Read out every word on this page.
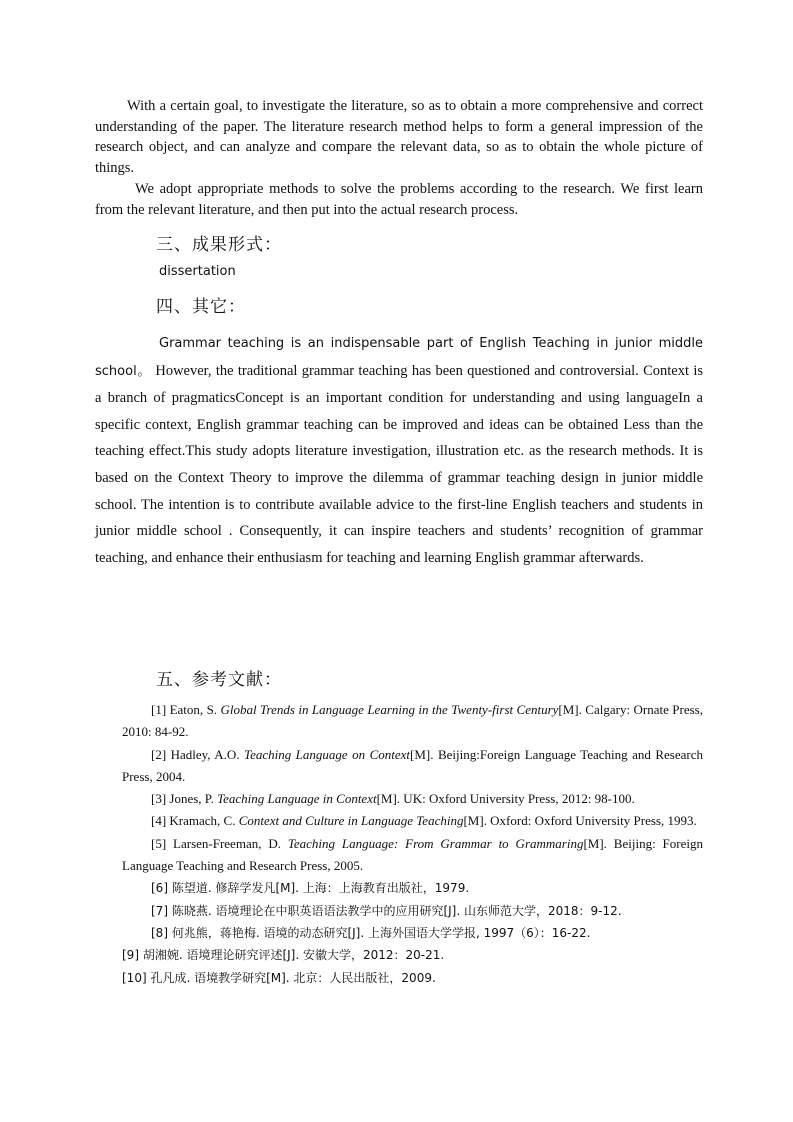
With a certain goal, to investigate the literature, so as to obtain a more comprehensive and correct understanding of the paper. The literature research method helps to form a general impression of the research object, and can analyze and compare the relevant data, so as to obtain the whole picture of things.

We adopt appropriate methods to solve the problems according to the research. We first learn from the relevant literature, and then put into the actual research process.

三、成果形式：

dissertation

四、其它：

Grammar teaching is an indispensable part of English Teaching in junior middle school。 However, the traditional grammar teaching has been questioned and controversial. Context is a branch of pragmaticsConcept is an important condition for understanding and using languageIn a specific context, English grammar teaching can be improved and ideas can be obtained Less than the teaching effect.This study adopts literature investigation, illustration etc. as the research methods. It is based on the Context Theory to improve the dilemma of grammar teaching design in junior middle school. The intention is to contribute available advice to the first-line English teachers and students in junior middle school . Consequently, it can inspire teachers and students’ recognition of grammar teaching, and enhance their enthusiasm for teaching and learning English grammar afterwards.

五、参考文献：
[1] Eaton, S. Global Trends in Language Learning in the Twenty-first Century[M]. Calgary: Ornate Press, 2010: 84-92.
[2] Hadley, A.O. Teaching Language on Context[M]. Beijing:Foreign Language Teaching and Research Press, 2004.
[3] Jones, P. Teaching Language in Context[M]. UK: Oxford University Press, 2012: 98-100.
[4] Kramach, C. Context and Culture in Language Teaching[M]. Oxford: Oxford University Press, 1993.
[5] Larsen-Freeman, D. Teaching Language: From Grammar to Grammaring[M]. Beijing: Foreign Language Teaching and Research Press, 2005.
[6] 陈望道. 修辞学发凡[M]. 上海：上海教育出版社，1979.
[7] 陈晓燕. 语境理论在中职英语语法教学中的应用研究[J]. 山东师范大学，2018：9-12.
[8] 何兆熊，蒋艳梅. 语境的动态研究[J]. 上海外国语大学学报, 1997（6）：16-22.
[9] 胡湘婉. 语境理论研究评述[J]. 安徽大学，2012：20-21.
[10] 孔凡成. 语境教学研究[M]. 北京：人民出版社，2009.
